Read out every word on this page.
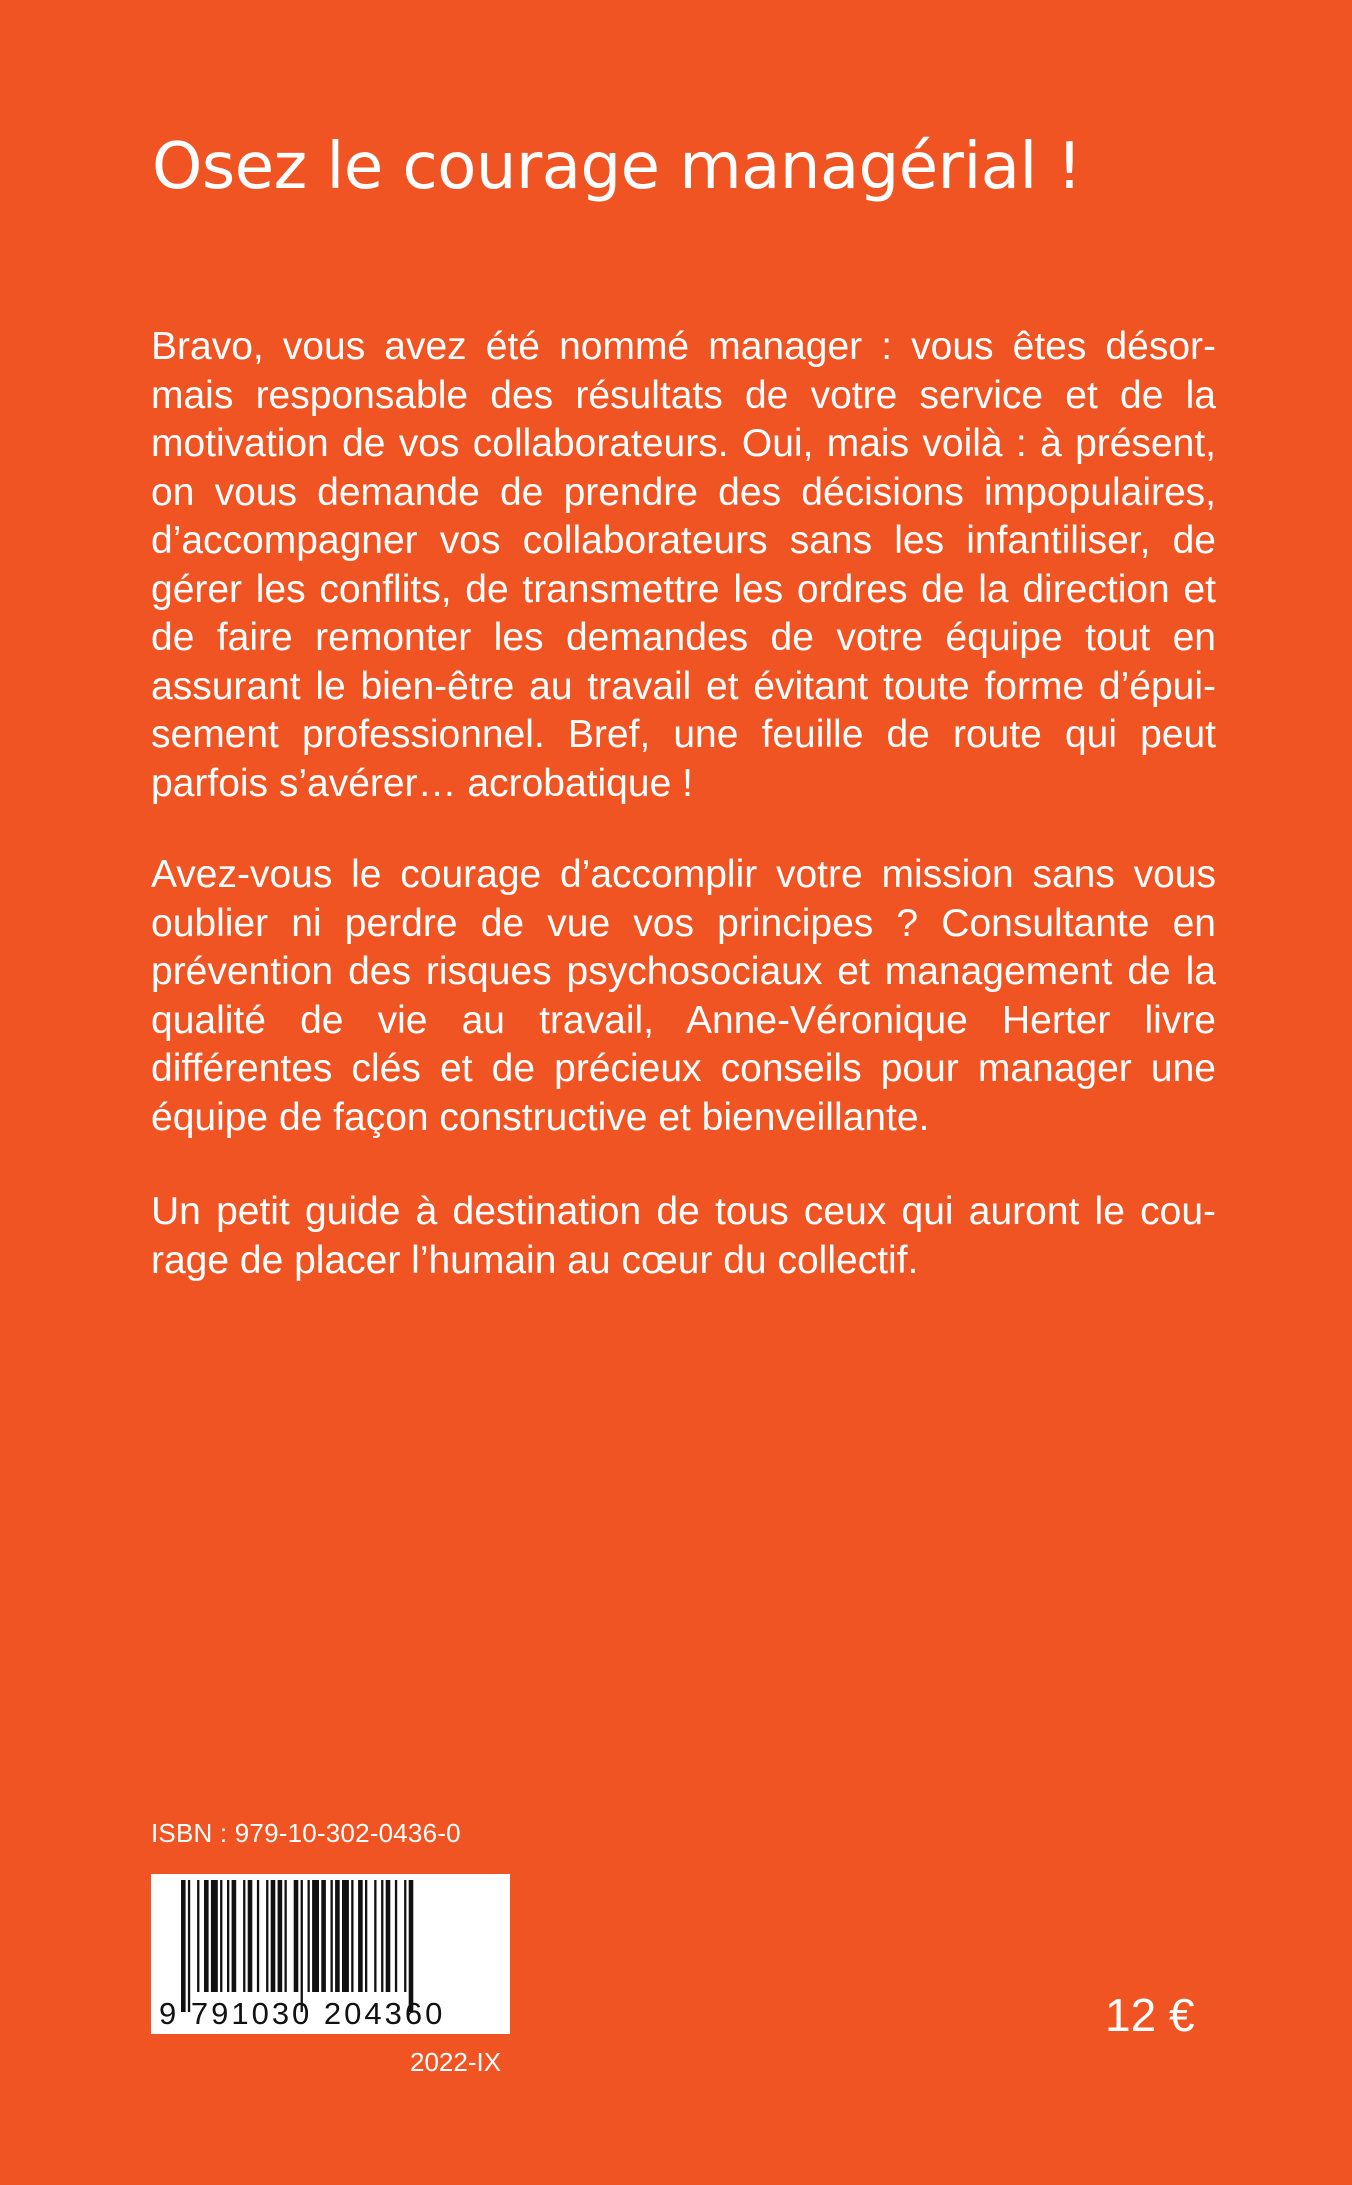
Osez le courage managérial !

Bravo, vous avez été nommé manager : vous êtes désor-mais responsable des résultats de votre service et de la motivation de vos collaborateurs. Oui, mais voilà : à présent, on vous demande de prendre des décisions impopulaires, d’accompagner vos collaborateurs sans les infantiliser, de gérer les conflits, de transmettre les ordres de la direction et de faire remonter les demandes de votre équipe tout en assurant le bien-être au travail et évitant toute forme d’épui-sement professionnel. Bref, une feuille de route qui peut parfois s’avérer… acrobatique !

Avez-vous le courage d’accomplir votre mission sans vous oublier ni perdre de vue vos principes ? Consultante en prévention des risques psychosociaux et management de la qualité de vie au travail, Anne-Véronique Herter livre différentes clés et de précieux conseils pour manager une équipe de façon constructive et bienveillante.

Un petit guide à destination de tous ceux qui auront le cou-rage de placer l’humain au cœur du collectif.

ISBN : 979-10-302-0436-0
9 791030 204360
2022-IX
12 €
